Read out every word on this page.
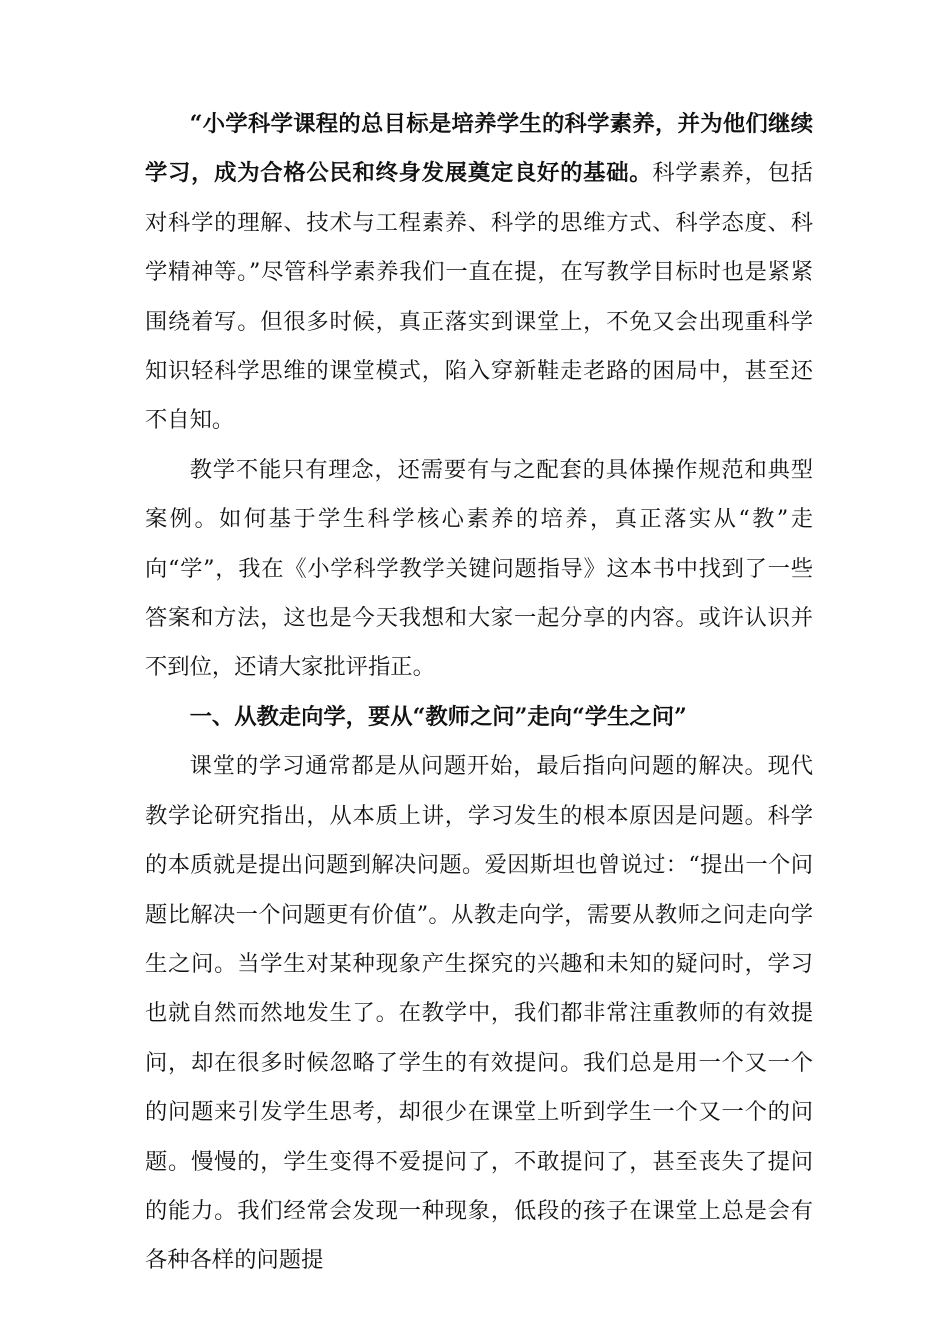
“小学科学课程的总目标是培养学生的科学素养，并为他们继续学习，成为合格公民和终身发展奠定良好的基础。科学素养，包括对科学的理解、技术与工程素养、科学的思维方式、科学态度、科学精神等。”尽管科学素养我们一直在提，在写教学目标时也是紧紧围绕着写。但很多时候，真正落实到课堂上，不免又会出现重科学知识轻科学思维的课堂模式，陷入穿新鞋走老路的困局中，甚至还不自知。

教学不能只有理念，还需要有与之配套的具体操作规范和典型案例。如何基于学生科学核心素养的培养，真正落实从“教”走向“学”，我在《小学科学教学关键问题指导》这本书中找到了一些答案和方法，这也是今天我想和大家一起分享的内容。或许认识并不到位，还请大家批评指正。

一、从教走向学，要从“教师之问”走向“学生之问”

课堂的学习通常都是从问题开始，最后指向问题的解决。现代教学论研究指出，从本质上讲，学习发生的根本原因是问题。科学的本质就是提出问题到解决问题。爱因斯坦也曾说过：“提出一个问题比解决一个问题更有价值”。从教走向学，需要从教师之问走向学生之问。当学生对某种现象产生探究的兴趣和未知的疑问时，学习也就自然而然地发生了。在教学中，我们都非常注重教师的有效提问，却在很多时候忽略了学生的有效提问。我们总是用一个又一个的问题来引发学生思考，却很少在课堂上听到学生一个又一个的问题。慢慢的，学生变得不爱提问了，不敢提问了，甚至丧失了提问的能力。我们经常会发现一种现象，低段的孩子在课堂上总是会有各种各样的问题提
